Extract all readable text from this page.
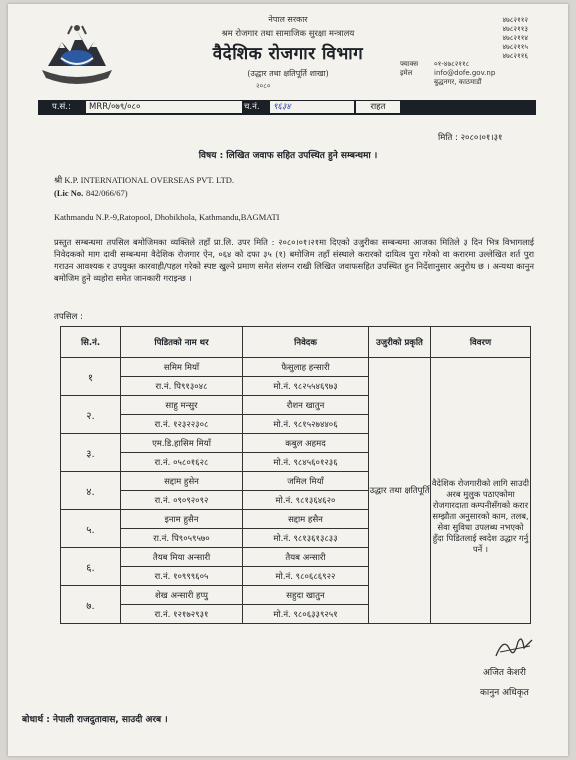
नेपाल सरकार
श्रम रोजगार तथा सामाजिक सुरक्षा मन्त्रालय
वैदेशिक रोजगार विभाग
(उद्धार तथा क्षतिपूर्ति शाखा)
२०८०
४७८२११२
४७८२११३
४७८२११४
४७८२११५
४७८२११६
फ्याक्स ०१-४७८२११८
इमेल	info@dofe.gov.np
बुद्धनगर, काठमाडौं
प.सं.:	MRR/०७९/०८०	च.नं.	९६३४	राहत
मिति : २०८०।०१।३१
विषय : लिखित जवाफ सहित उपस्थित हुने सम्बन्धमा ।
श्री K.P. INTERNATIONAL OVERSEAS PVT. LTD.
(Lic No. 842/066/67)
Kathmandu N.P.-9,Ratopool, Dhobikhola, Kathmandu,BAGMATI
प्रस्तुत सम्बन्धमा तपसिल बमोजिमका व्यक्तिले तहाँ प्रा.लि. उपर मिति : २०८०।०१।२१मा दिएको उजुरीका सम्बन्धमा आजका मितिले ३ दिन भित्र विभागलाई निवेदकको माग दावी सम्बन्धमा वैदेशिक रोजगार ऐन, ०६४ को दफा ३५ (१) बमोजिम तहाँ संस्थाले करारको दायित्व पुरा गरेको वा करारमा उल्लेखित शर्त पुरा गराउन आवश्यक र उपयुक्त कारवाही/पहल गरेको स्पष्ट खुल्ने प्रमाण समेत संलग्न राखी लिखित जवाफसहित उपस्थित हुन निर्देशानुसार अनुरोध छ । अन्यथा कानुन बमोजिम हुने व्यहोरा समेत जानकारी गराइन्छ ।
तपसिल :
सि.नं.	पिडितको नाम थर	निवेदक	उजुरीको प्रकृति	विवरण
१	समिम मियाँ	फैसुलाह हन्सारी	उद्धार तथा क्षतिपूर्ति	वैदेशिक रोजगारीको लागि साउदी अरब मुलुक पठाएकोमा रोजगारदाता कम्पनीसँगको करार सम्झौता अनुसारको काम, तलब, सेवा सुविधा उपलब्ध नभएको हुँदा पिडितलाई स्वदेश उद्धार गर्नु पर्ने ।
	रा.नं. पि९१३०४८	मो.नं. ९८२५५४६९७३		
२.	साहु मन्सुर	रौशन खातुन		
	रा.नं. १२३२२३०८	मो.नं. ९८१५२७४४०६		
३.	एम.डि.हासिम मियाँ	कबुल अहमद		
	रा.नं. ०५८०१६२८	मो.नं. ९८४५६०१२३६		
४.	सद्दाम हुसेन	जमिल मियाँ		
	रा.नं. ०९०९२०९२	मो.नं. ९८१३६४६२०		
५.	इनाम हुसैन	सद्दाम हसैन		
	रा.नं. पि९०५९५७०	मो.नं. ९८१३६१३८३३		
६.	तैयब मिया अन्सारी	तैयब अन्सारी		
	रा.नं. १०९९९६०५	मो.नं. ९८०६८६९२२		
७.	शेख अन्सारी हप्पु	सहुदा खातुन		
	रा.नं. १२१७२९३१	मो.नं. ९८०६३३९२५१		
अजित केशरी
कानुन अधिकृत
बोधार्थ : नेपाली राजदुतावास, साउदी अरब ।
